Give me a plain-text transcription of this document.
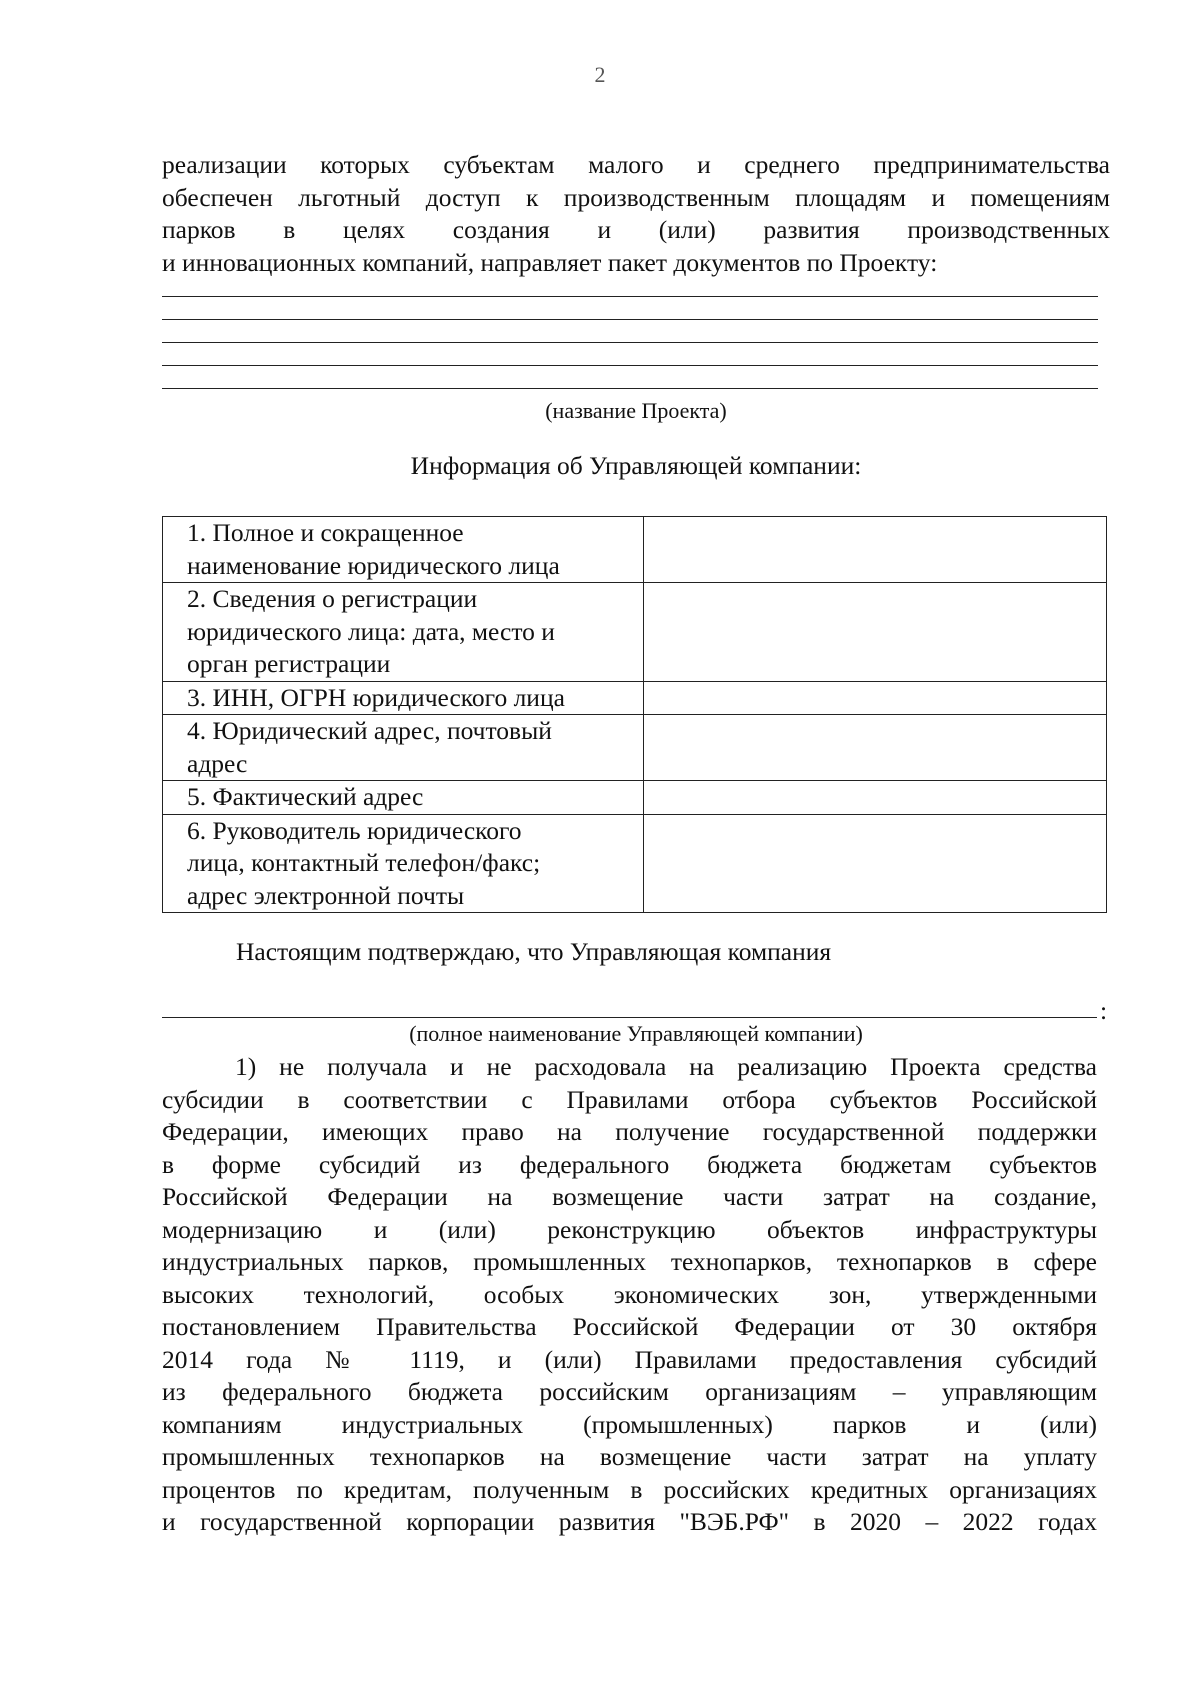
2
реализации которых субъектам малого и среднего предпринимательства
обеспечен льготный доступ к производственным площадям и помещениям
парков в целях создания и (или) развития производственных
и инновационных компаний, направляет пакет документов по Проекту:
(название Проекта)
Информация об Управляющей компании:
1. Полное и сокращенное
наименование юридического лица	

2. Сведения о регистрации
юридического лица: дата, место и
орган регистрации	

3. ИНН, ОГРН юридического лица	

4. Юридический адрес, почтовый
адрес	

5. Фактический адрес	

6. Руководитель юридического
лица, контактный телефон/факс;
адрес электронной почты	

Настоящим подтверждаю, что Управляющая компания
:
(полное наименование Управляющей компании)
1) не получала и не расходовала на реализацию Проекта средства
субсидии в соответствии с Правилами отбора субъектов Российской
Федерации, имеющих право на получение государственной поддержки
в форме субсидий из федерального бюджета бюджетам субъектов
Российской Федерации на возмещение части затрат на создание,
модернизацию и (или) реконструкцию объектов инфраструктуры
индустриальных парков, промышленных технопарков, технопарков в сфере
высоких технологий, особых экономических зон, утвержденными
постановлением Правительства Российской Федерации от 30 октября
2014 года № 1119, и (или) Правилами предоставления субсидий
из федерального бюджета российским организациям – управляющим
компаниям индустриальных (промышленных) парков и (или)
промышленных технопарков на возмещение части затрат на уплату
процентов по кредитам, полученным в российских кредитных организациях
и государственной корпорации развития "ВЭБ.РФ" в 2020 – 2022 годах
